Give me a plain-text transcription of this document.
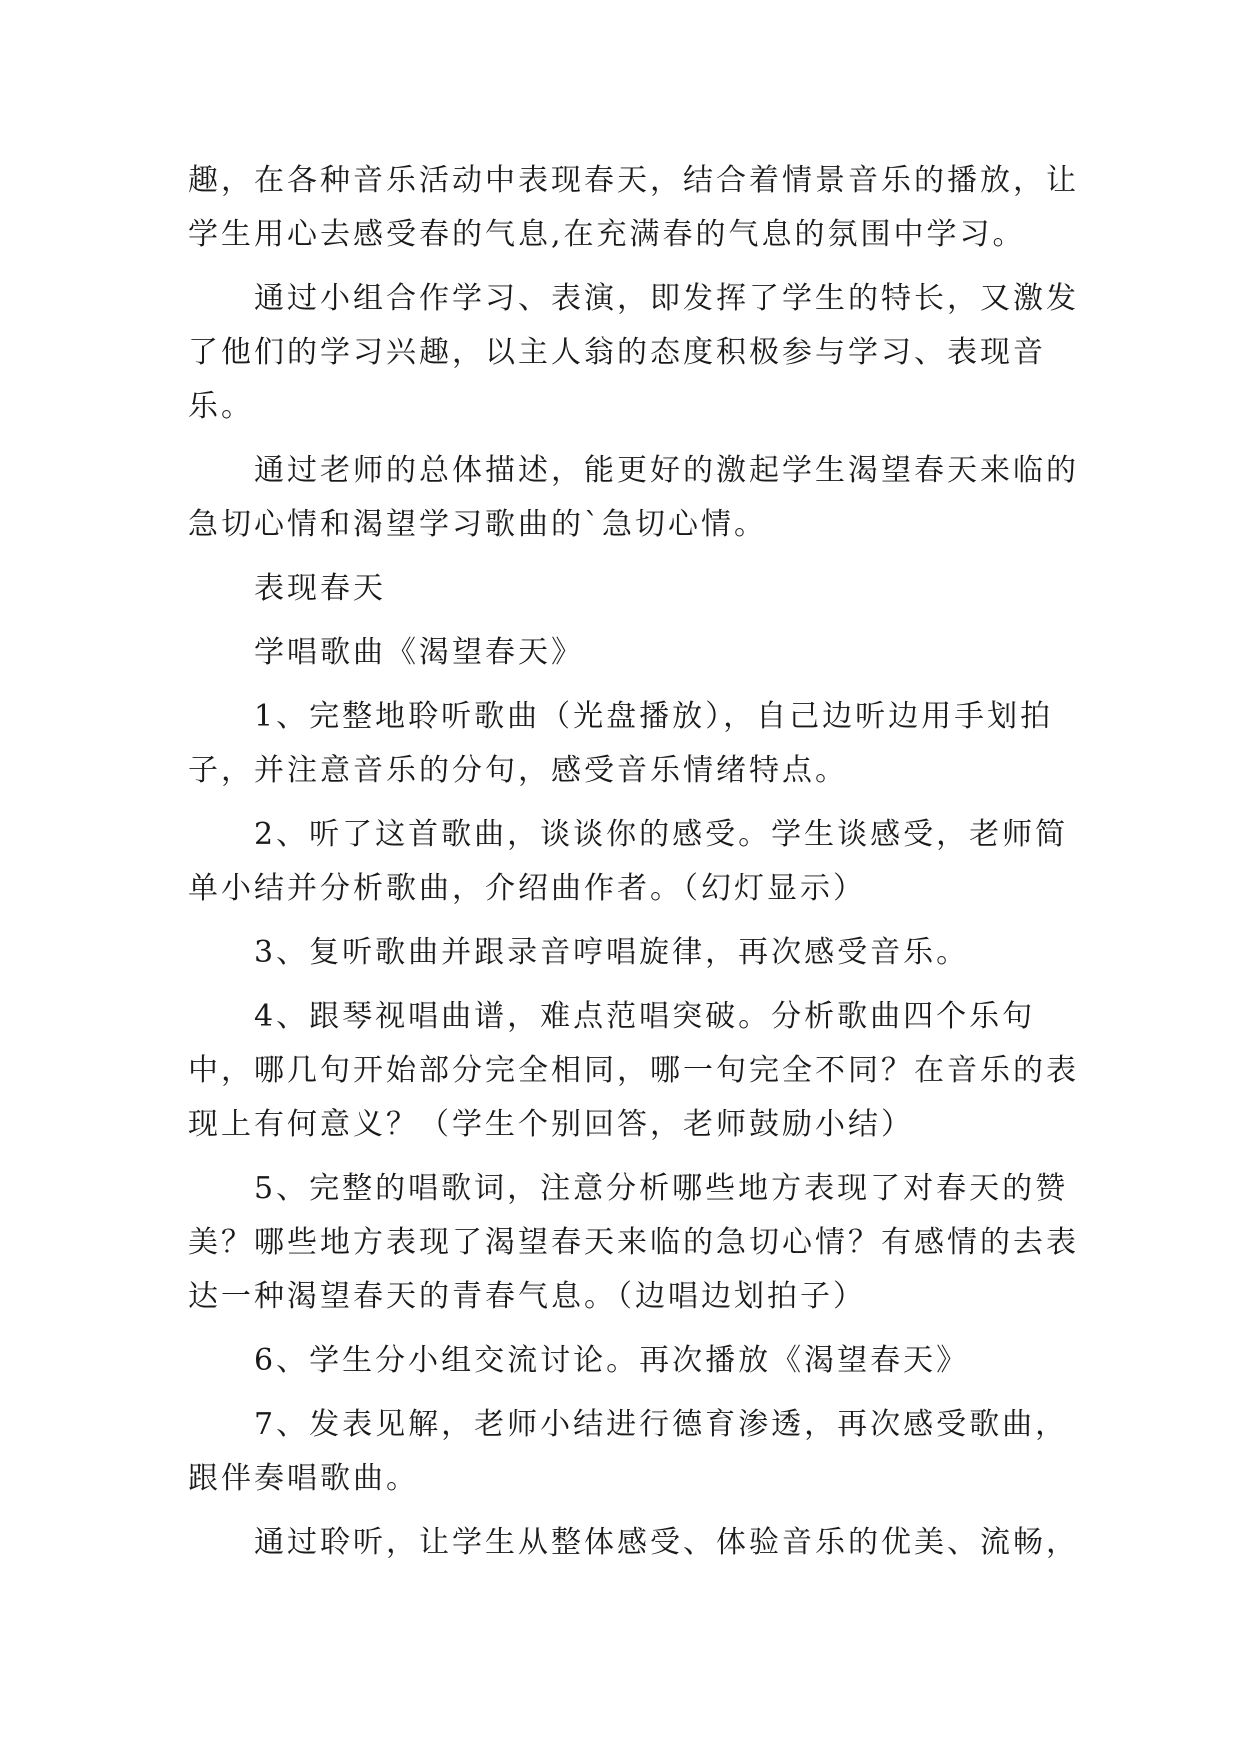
趣，在各种音乐活动中表现春天，结合着情景音乐的播放，让学生用心去感受春的气息,在充满春的气息的氛围中学习。

通过小组合作学习、表演，即发挥了学生的特长，又激发了他们的学习兴趣，以主人翁的态度积极参与学习、表现音乐。

通过老师的总体描述，能更好的激起学生渴望春天来临的急切心情和渴望学习歌曲的`急切心情。

表现春天

学唱歌曲《渴望春天》

1、完整地聆听歌曲（光盘播放），自己边听边用手划拍子，并注意音乐的分句，感受音乐情绪特点。

2、听了这首歌曲，谈谈你的感受。学生谈感受，老师简单小结并分析歌曲，介绍曲作者。（幻灯显示）

3、复听歌曲并跟录音哼唱旋律，再次感受音乐。

4、跟琴视唱曲谱，难点范唱突破。分析歌曲四个乐句中，哪几句开始部分完全相同，哪一句完全不同？在音乐的表现上有何意义？（学生个别回答，老师鼓励小结）

5、完整的唱歌词，注意分析哪些地方表现了对春天的赞美？哪些地方表现了渴望春天来临的急切心情？有感情的去表达一种渴望春天的青春气息。（边唱边划拍子）

6、学生分小组交流讨论。再次播放《渴望春天》

7、发表见解，老师小结进行德育渗透，再次感受歌曲，跟伴奏唱歌曲。

通过聆听，让学生从整体感受、体验音乐的优美、流畅，
